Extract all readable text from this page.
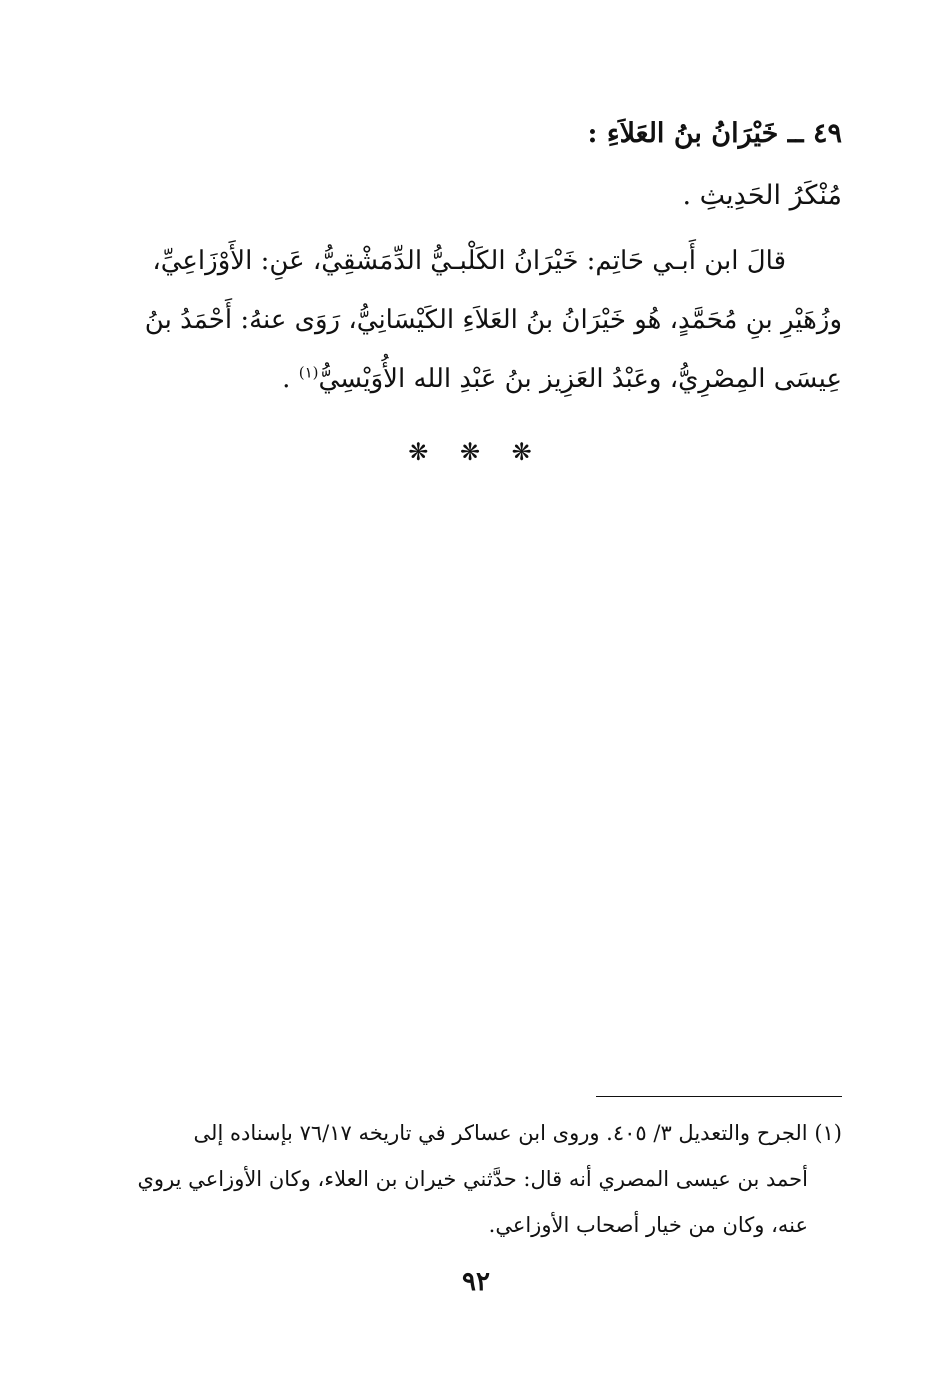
٤٩ ــ خَيْرَانُ بنُ العَلاَءِ :
مُنْكَرُ الحَدِيثِ .
قالَ ابن أَبـي حَاتِم: خَيْرَانُ الكَلْبـيُّ الدِّمَشْقِيُّ، عَنِ: الأَوْزَاعِيِّ،
وزُهَيْرِ بنِ مُحَمَّدٍ، هُو خَيْرَانُ بنُ العَلاَءِ الكَيْسَانِيُّ، رَوَى عنهُ: أَحْمَدُ بنُ
عِيسَى المِصْرِيُّ، وعَبْدُ العَزِيز بنُ عَبْدِ الله الأُوَيْسِيُّ$^{(١)}$ .
❋ ❋ ❋
(١) الجرح والتعديل ٣/ ٤٠٥. وروى ابن عساكر في تاريخه ٧٦/١٧ بإسناده إلى
أحمد بن عيسى المصري أنه قال: حدَّثني خيران بن العلاء، وكان الأوزاعي يروي
عنه، وكان من خيار أصحاب الأوزاعي.
٩٢
